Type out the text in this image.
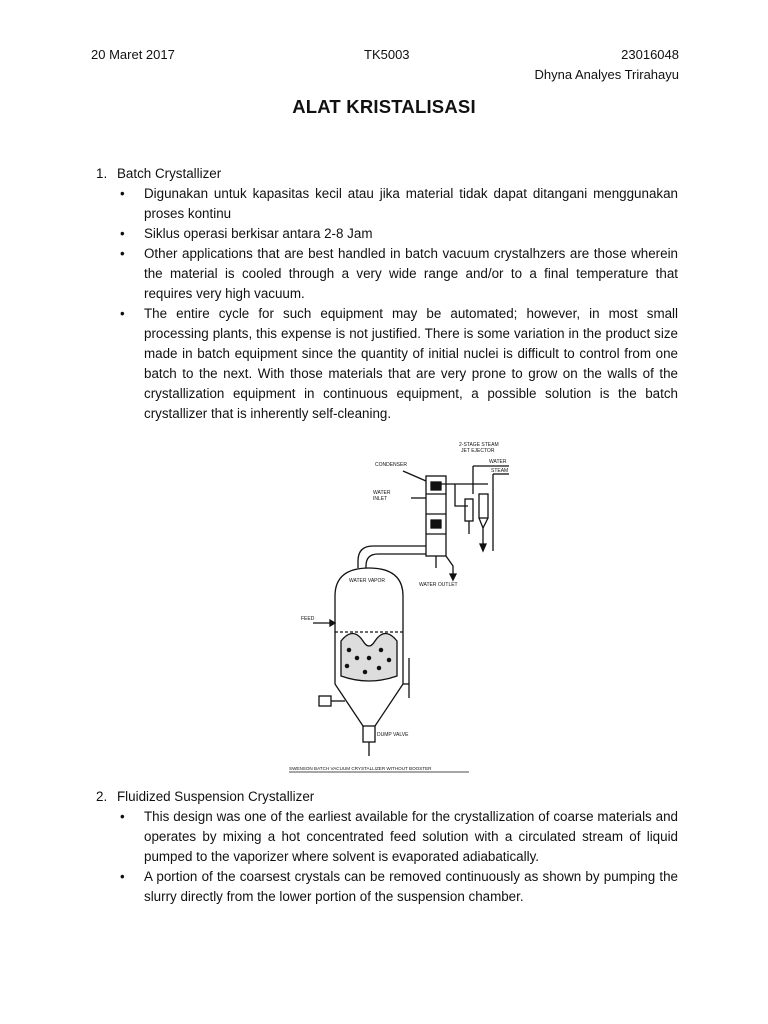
20 Maret 2017	TK5003	23016048
Dhyna Analyes Trirahayu
ALAT KRISTALISASI
1. Batch Crystallizer
• Digunakan untuk kapasitas kecil atau jika material tidak dapat ditangani menggunakan proses kontinu
• Siklus operasi berkisar antara 2-8 Jam
• Other applications that are best handled in batch vacuum crystalhzers are those wherein the material is cooled through a very wide range and/or to a final temperature that requires very high vacuum.
• The entire cycle for such equipment may be automated; however, in most small processing plants, this expense is not justified. There is some variation in the product size made in batch equipment since the quantity of initial nuclei is difficult to control from one batch to the next. With those materials that are very prone to grow on the walls of the crystallization equipment in continuous equipment, a possible solution is the batch crystallizer that is inherently self-cleaning.
2-STAGE STEAM
JET EJECTOR
WATER
STEAM
CONDENSER
WATER
INLET
WATER OUTLET
WATER VAPOR
FEED
DUMP VALVE
SWENSON BATCH VACUUM CRYSTALLIZER WITHOUT BOOSTER
2. Fluidized Suspension Crystallizer
• This design was one of the earliest available for the crystallization of coarse materials and operates by mixing a hot concentrated feed solution with a circulated stream of liquid pumped to the vaporizer where solvent is evaporated adiabatically.
• A portion of the coarsest crystals can be removed continuously as shown by pumping the slurry directly from the lower portion of the suspension chamber.
